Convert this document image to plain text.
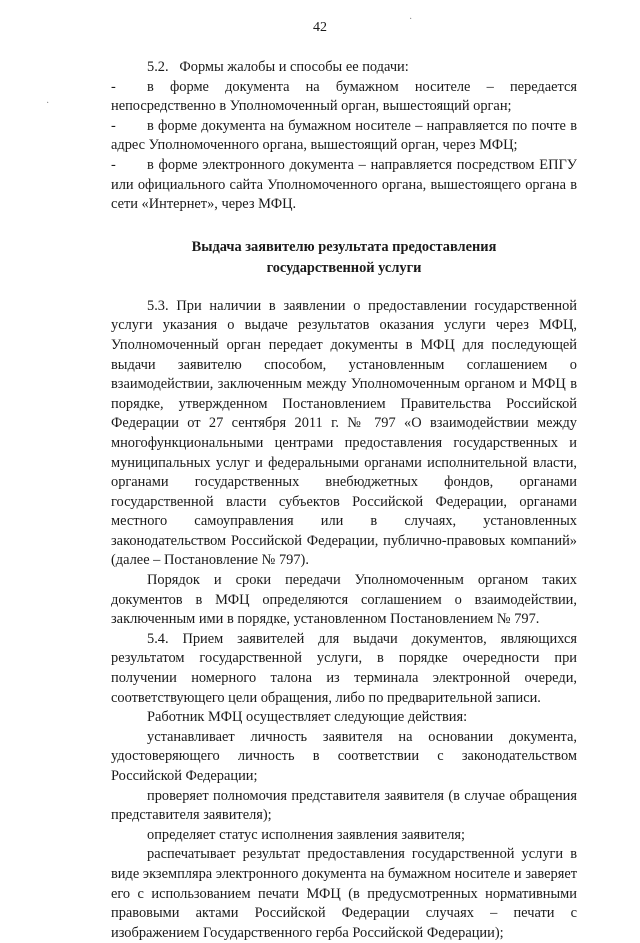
42

5.2.   Формы жалобы и способы ее подачи:

- в форме документа на бумажном носителе – передается непосредственно в Уполномоченный орган, вышестоящий орган;

- в форме документа на бумажном носителе – направляется по почте в адрес Уполномоченного органа, вышестоящий орган, через МФЦ;

- в форме электронного документа – направляется посредством ЕПГУ или официального сайта Уполномоченного органа, вышестоящего органа в сети «Интернет», через МФЦ.

Выдача заявителю результата предоставления
государственной услуги

5.3. При наличии в заявлении о предоставлении государственной услуги указания о выдаче результатов оказания услуги через МФЦ, Уполномоченный орган передает документы в МФЦ для последующей выдачи заявителю способом, установленным соглашением о взаимодействии, заключенным между Уполномоченным органом и МФЦ в порядке, утвержденном Постановлением Правительства Российской Федерации от 27 сентября 2011 г. № 797 «О взаимодействии между многофункциональными центрами предоставления государственных и муниципальных услуг и федеральными органами исполнительной власти, органами государственных внебюджетных фондов, органами государственной власти субъектов Российской Федерации, органами местного самоуправления или в случаях, установленных законодательством Российской Федерации, публично-правовых компаний» (далее – Постановление № 797).

Порядок и сроки передачи Уполномоченным органом таких документов в МФЦ определяются соглашением о взаимодействии, заключенным ими в порядке, установленном Постановлением № 797.

5.4. Прием заявителей для выдачи документов, являющихся результатом государственной услуги, в порядке очередности при получении номерного талона из терминала электронной очереди, соответствующего цели обращения, либо по предварительной записи.

Работник МФЦ осуществляет следующие действия:

устанавливает личность заявителя на основании документа, удостоверяющего личность в соответствии с законодательством Российской Федерации;

проверяет полномочия представителя заявителя (в случае обращения представителя заявителя);

определяет статус исполнения заявления заявителя;

распечатывает результат предоставления государственной услуги в виде экземпляра электронного документа на бумажном носителе и заверяет его с использованием печати МФЦ (в предусмотренных нормативными правовыми актами Российской Федерации случаях – печати с изображением Государственного герба Российской Федерации);

·
·
